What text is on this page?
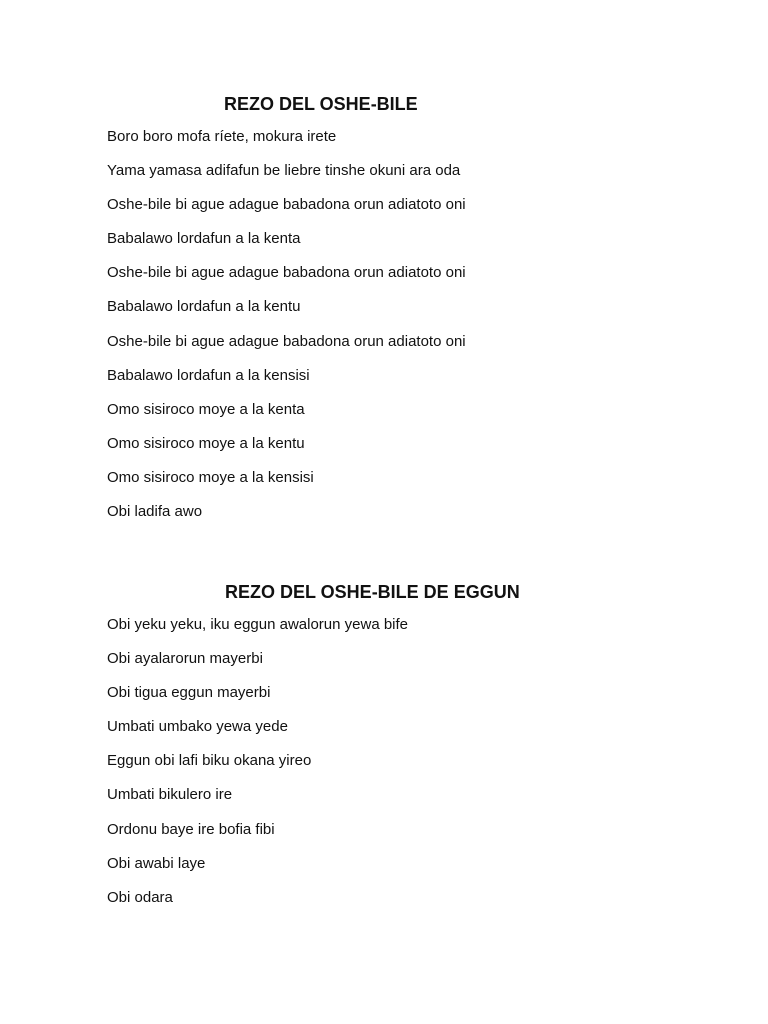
REZO DEL OSHE-BILE
Boro boro mofa ríete, mokura irete
Yama yamasa adifafun be liebre tinshe okuni ara oda
Oshe-bile bi ague adague babadona orun adiatoto oni
Babalawo lordafun a la kenta
Oshe-bile bi ague adague babadona orun adiatoto oni
Babalawo lordafun a la kentu
Oshe-bile bi ague adague babadona orun adiatoto oni
Babalawo lordafun a la kensisi
Omo sisiroco moye a la kenta
Omo sisiroco moye a la kentu
Omo sisiroco moye a la kensisi
Obi ladifa awo
REZO DEL OSHE-BILE DE EGGUN
Obi yeku yeku, iku eggun awalorun yewa bife
Obi ayalarorun mayerbi
Obi tigua eggun mayerbi
Umbati umbako yewa yede
Eggun obi lafi biku okana yireo
Umbati bikulero ire
Ordonu baye ire bofia fibi
Obi awabi laye
Obi odara
